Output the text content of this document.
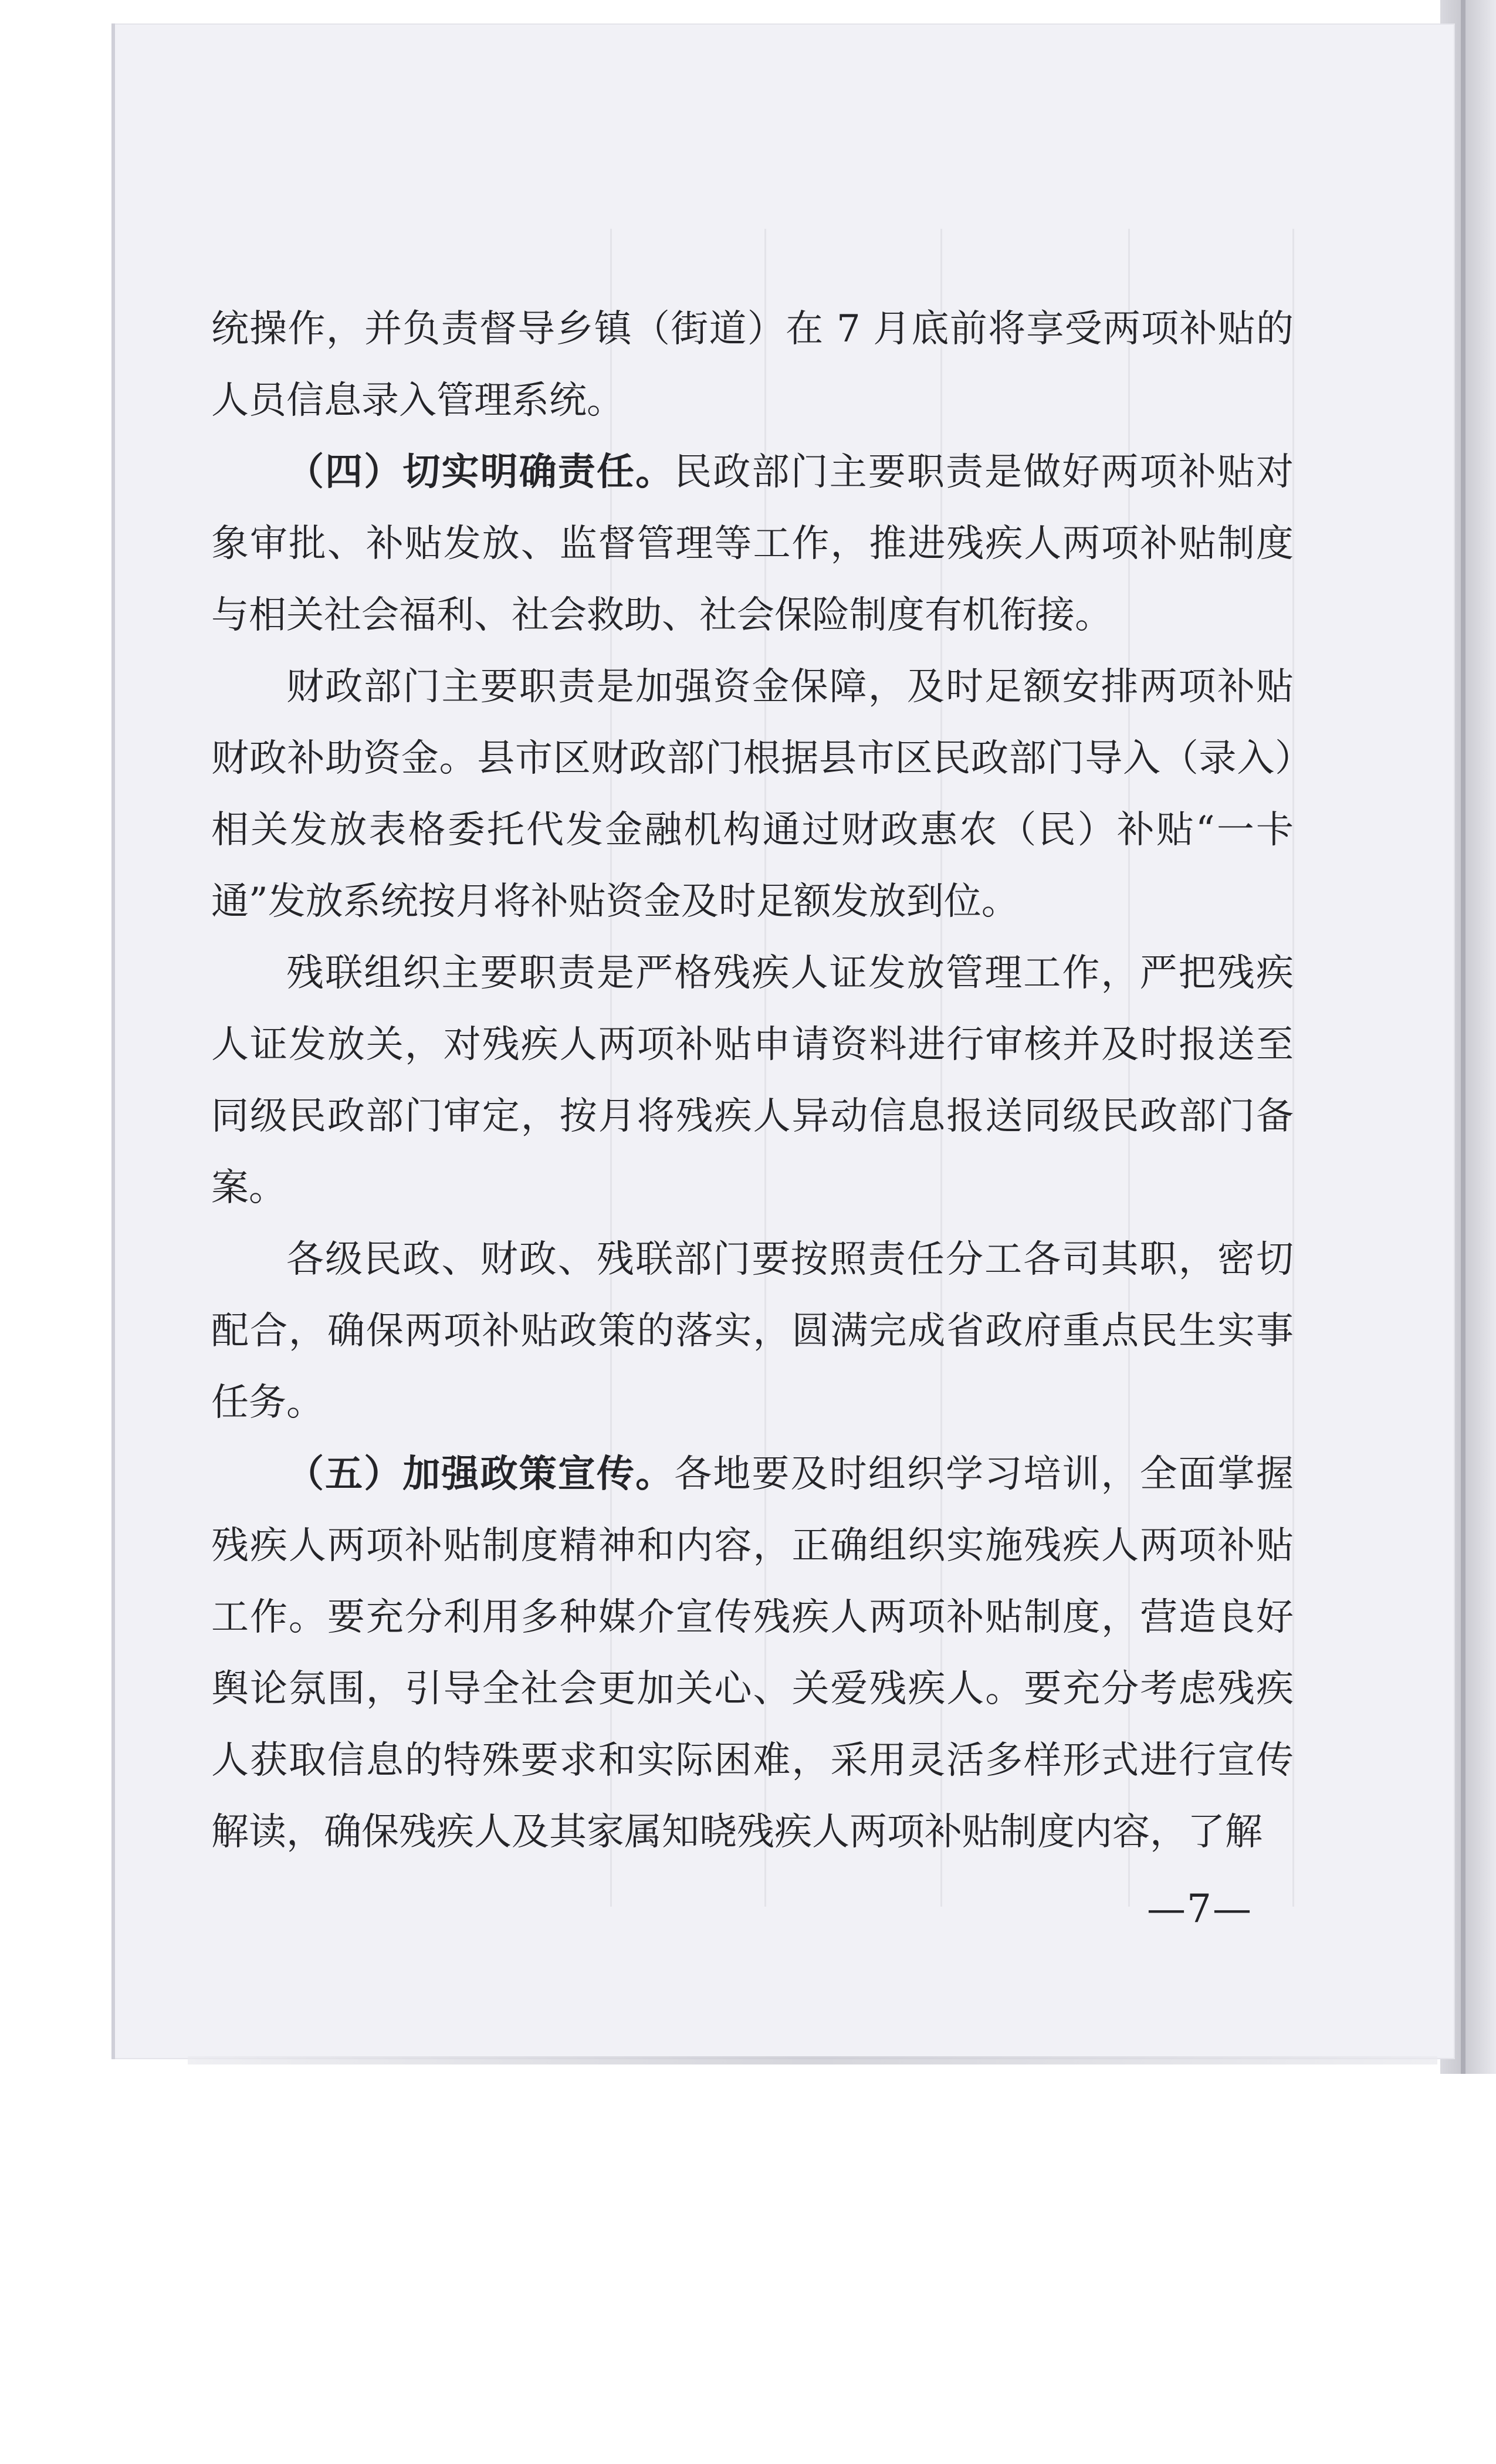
统操作，并负责督导乡镇（街道）在 7 月底前将享受两项补贴的人员信息录入管理系统。

（四）切实明确责任。民政部门主要职责是做好两项补贴对象审批、补贴发放、监督管理等工作，推进残疾人两项补贴制度与相关社会福利、社会救助、社会保险制度有机衔接。

财政部门主要职责是加强资金保障，及时足额安排两项补贴财政补助资金。县市区财政部门根据县市区民政部门导入（录入）相关发放表格委托代发金融机构通过财政惠农（民）补贴“一卡通”发放系统按月将补贴资金及时足额发放到位。

残联组织主要职责是严格残疾人证发放管理工作，严把残疾人证发放关，对残疾人两项补贴申请资料进行审核并及时报送至同级民政部门审定，按月将残疾人异动信息报送同级民政部门备案。

各级民政、财政、残联部门要按照责任分工各司其职，密切配合，确保两项补贴政策的落实，圆满完成省政府重点民生实事任务。

（五）加强政策宣传。各地要及时组织学习培训，全面掌握残疾人两项补贴制度精神和内容，正确组织实施残疾人两项补贴工作。要充分利用多种媒介宣传残疾人两项补贴制度，营造良好舆论氛围，引导全社会更加关心、关爱残疾人。要充分考虑残疾人获取信息的特殊要求和实际困难，采用灵活多样形式进行宣传解读，确保残疾人及其家属知晓残疾人两项补贴制度内容，了解

—7—
